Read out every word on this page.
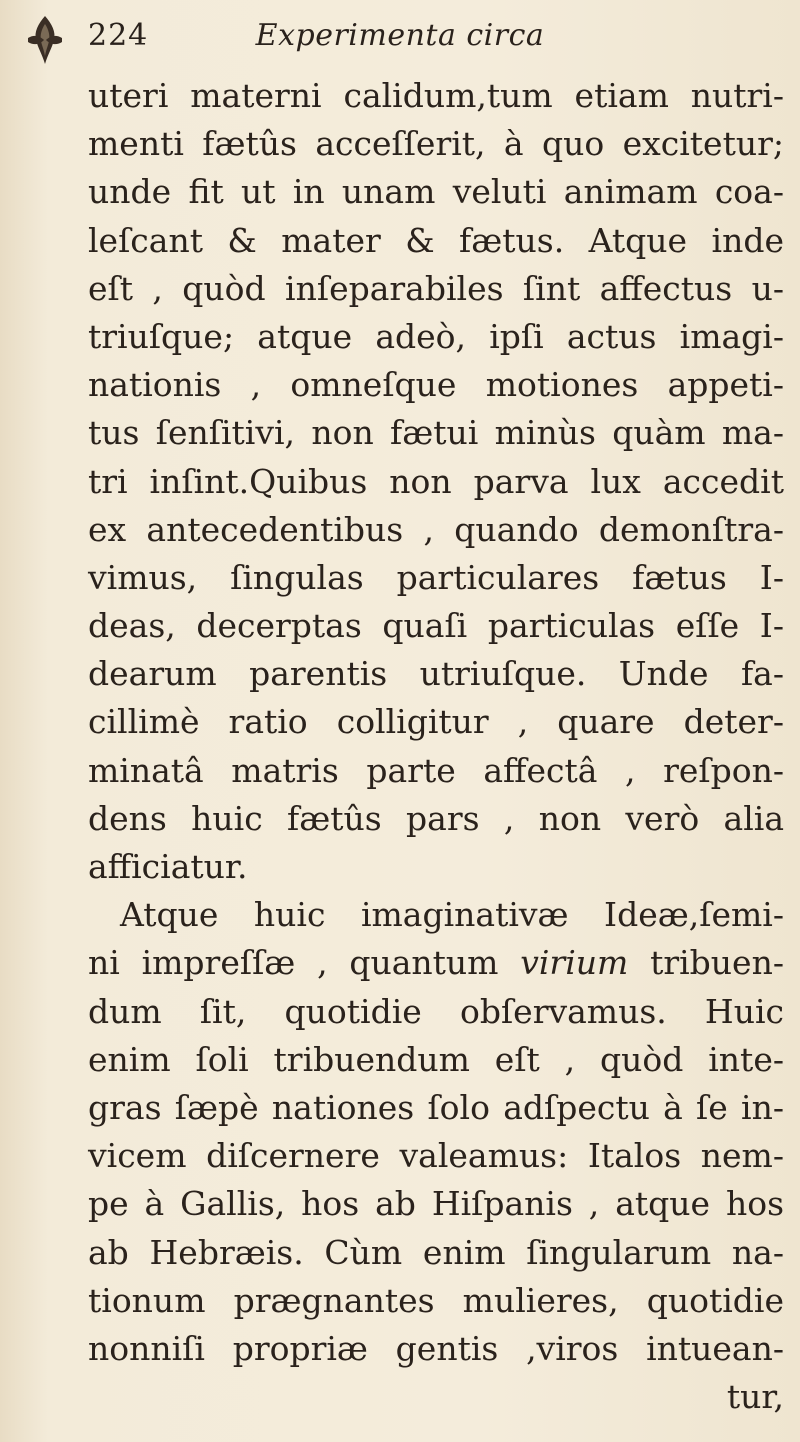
Experimenta circa
224
uteri materni calidum,tum etiam nutri-
menti fætûs acceſſerit, à quo excitetur;
unde fit ut in unam veluti animam coa-
leſcant & mater & fætus. Atque inde
eſt , quòd inſeparabiles ſint affectus u-
triuſque; atque adeò, ipſi actus imagi-
nationis , omneſque motiones appeti-
tus ſenſitivi, non fætui minùs quàm ma-
tri inſint.Quibus non parva lux accedit
ex antecedentibus , quando demonſtra-
vimus, ſingulas particulares fætus I-
deas, decerptas quaſi particulas eſſe I-
dearum parentis utriuſque. Unde fa-
cillimè ratio colligitur , quare deter-
minatâ matris parte affectâ , reſpon-
dens huic fætûs pars , non verò alia
afficiatur.
Atque huic imaginativæ Ideæ,ſemi-
ni impreſſæ , quantum virium tribuen-
dum ſit, quotidie obſervamus. Huic
enim ſoli tribuendum eſt , quòd inte-
gras ſæpè nationes ſolo adſpectu à ſe in-
vicem diſcernere valeamus: Italos nem-
pe à Gallis, hos ab Hiſpanis , atque hos
ab Hebræis. Cùm enim ſingularum na-
tionum prægnantes mulieres, quotidie
nonniſi propriæ gentis ,viros intuean-
tur,
